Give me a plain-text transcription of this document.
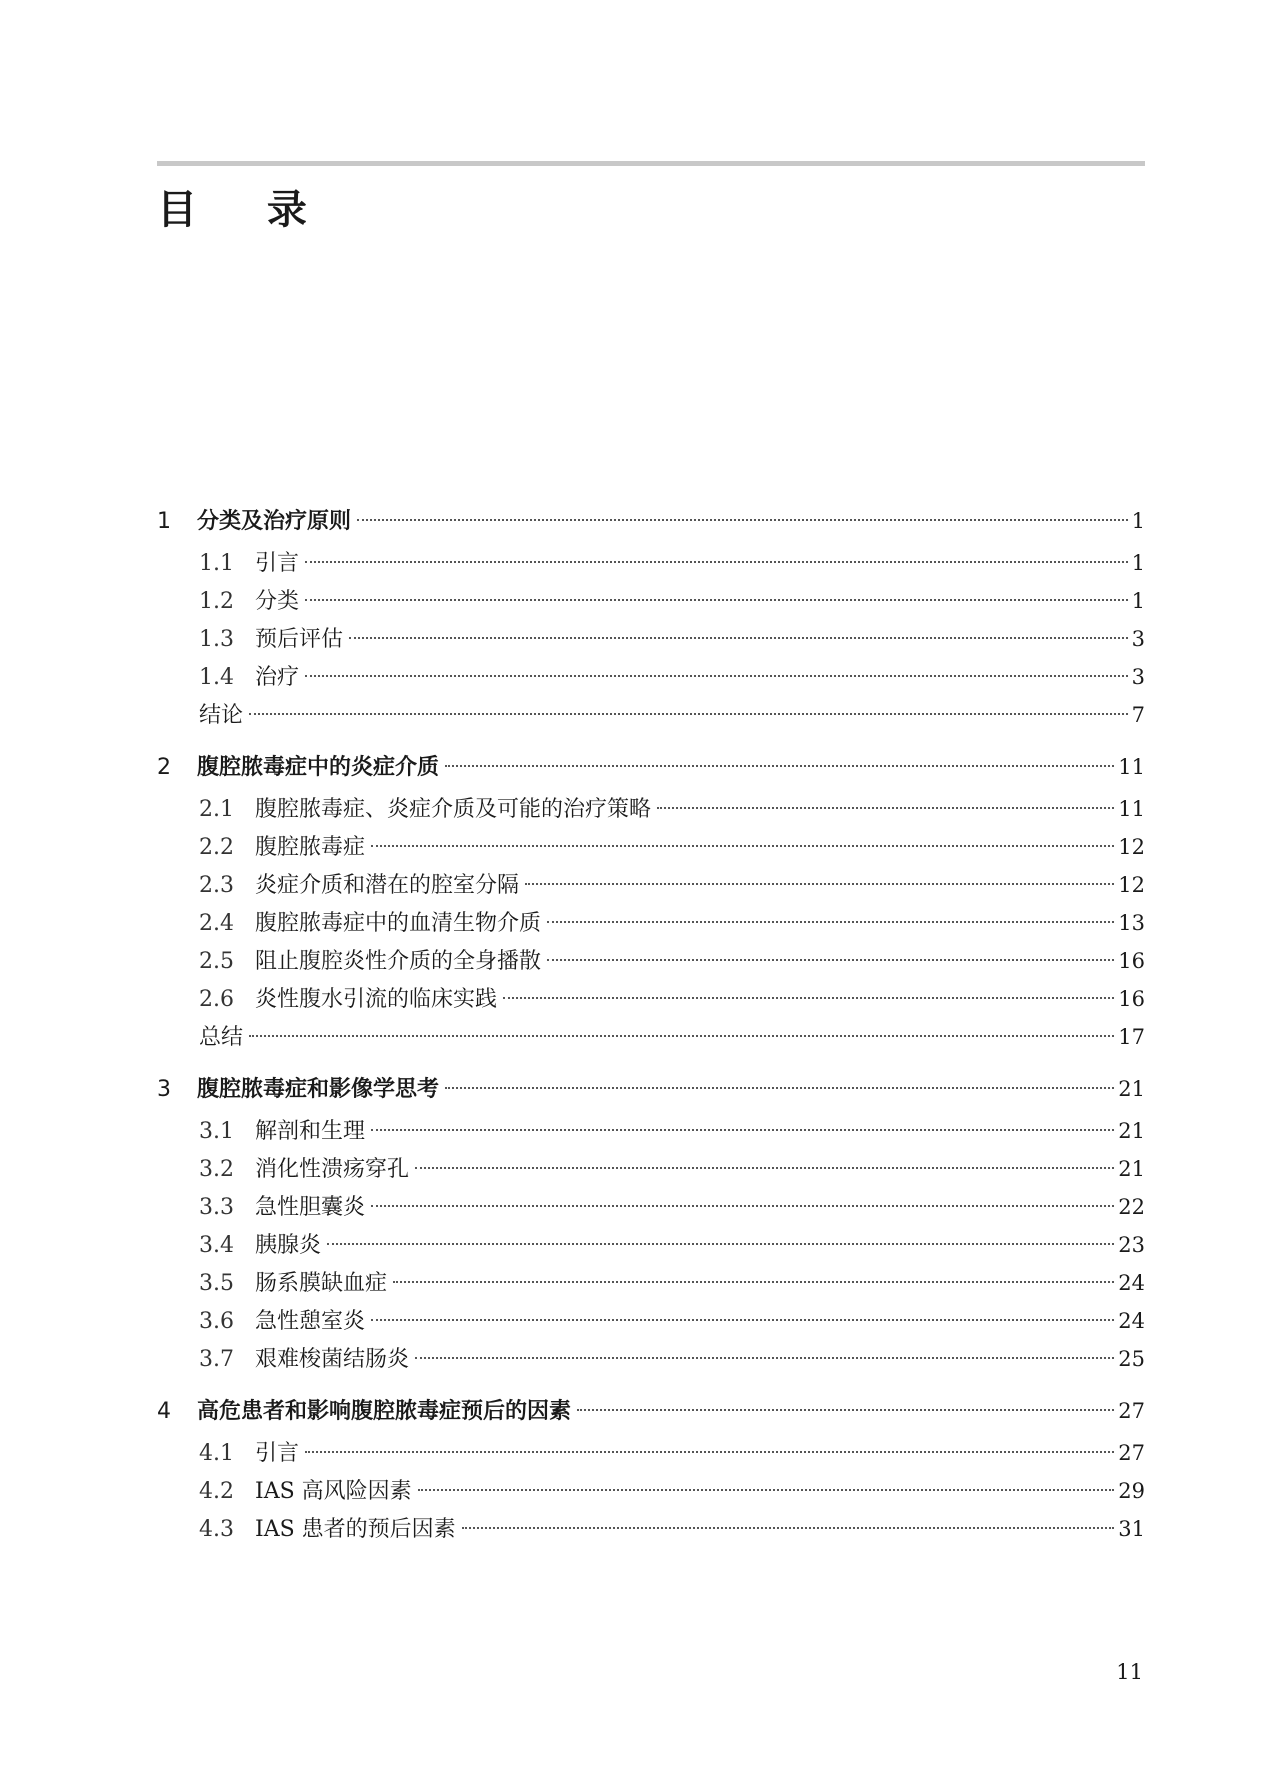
目 录
1	分类及治疗原则	1
1.1 引言	1
1.2 分类	1
1.3 预后评估	3
1.4 治疗	3
结论	7
2	腹腔脓毒症中的炎症介质	11
2.1 腹腔脓毒症、炎症介质及可能的治疗策略	11
2.2 腹腔脓毒症	12
2.3 炎症介质和潜在的腔室分隔	12
2.4 腹腔脓毒症中的血清生物介质	13
2.5 阻止腹腔炎性介质的全身播散	16
2.6 炎性腹水引流的临床实践	16
总结	17
3	腹腔脓毒症和影像学思考	21
3.1 解剖和生理	21
3.2 消化性溃疡穿孔	21
3.3 急性胆囊炎	22
3.4 胰腺炎	23
3.5 肠系膜缺血症	24
3.6 急性憩室炎	24
3.7 艰难梭菌结肠炎	25
4	高危患者和影响腹腔脓毒症预后的因素	27
4.1 引言	27
4.2 IAS 高风险因素	29
4.3 IAS 患者的预后因素	31
11
